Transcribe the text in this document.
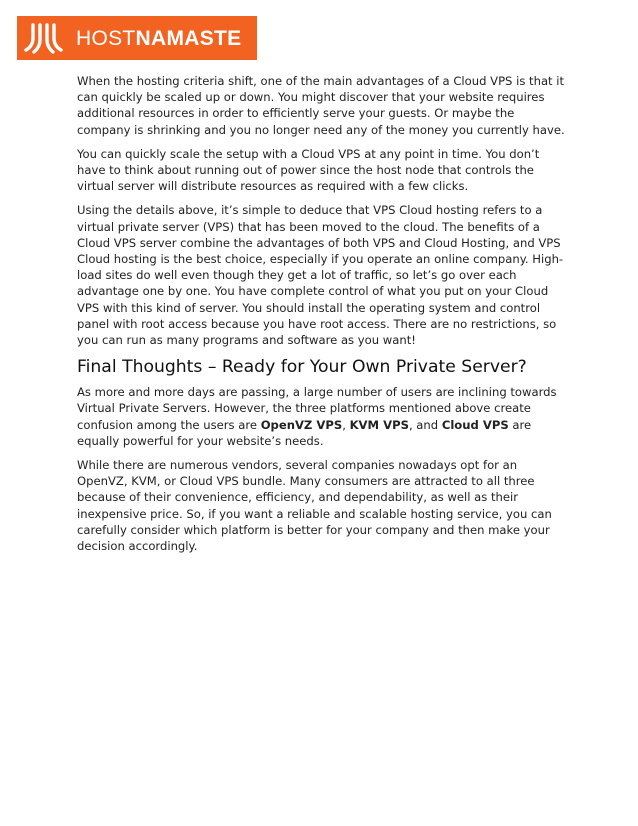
HOSTNAMASTE

When the hosting criteria shift, one of the main advantages of a Cloud VPS is that it can quickly be scaled up or down. You might discover that your website requires additional resources in order to efficiently serve your guests. Or maybe the company is shrinking and you no longer need any of the money you currently have.

You can quickly scale the setup with a Cloud VPS at any point in time. You don’t have to think about running out of power since the host node that controls the virtual server will distribute resources as required with a few clicks.

Using the details above, it’s simple to deduce that VPS Cloud hosting refers to a virtual private server (VPS) that has been moved to the cloud. The benefits of a Cloud VPS server combine the advantages of both VPS and Cloud Hosting, and VPS Cloud hosting is the best choice, especially if you operate an online company. High-load sites do well even though they get a lot of traffic, so let’s go over each advantage one by one. You have complete control of what you put on your Cloud VPS with this kind of server. You should install the operating system and control panel with root access because you have root access. There are no restrictions, so you can run as many programs and software as you want!

Final Thoughts – Ready for Your Own Private Server?

As more and more days are passing, a large number of users are inclining towards Virtual Private Servers. However, the three platforms mentioned above create confusion among the users are OpenVZ VPS, KVM VPS, and Cloud VPS are equally powerful for your website’s needs.

While there are numerous vendors, several companies nowadays opt for an OpenVZ, KVM, or Cloud VPS bundle. Many consumers are attracted to all three because of their convenience, efficiency, and dependability, as well as their inexpensive price. So, if you want a reliable and scalable hosting service, you can carefully consider which platform is better for your company and then make your decision accordingly.
